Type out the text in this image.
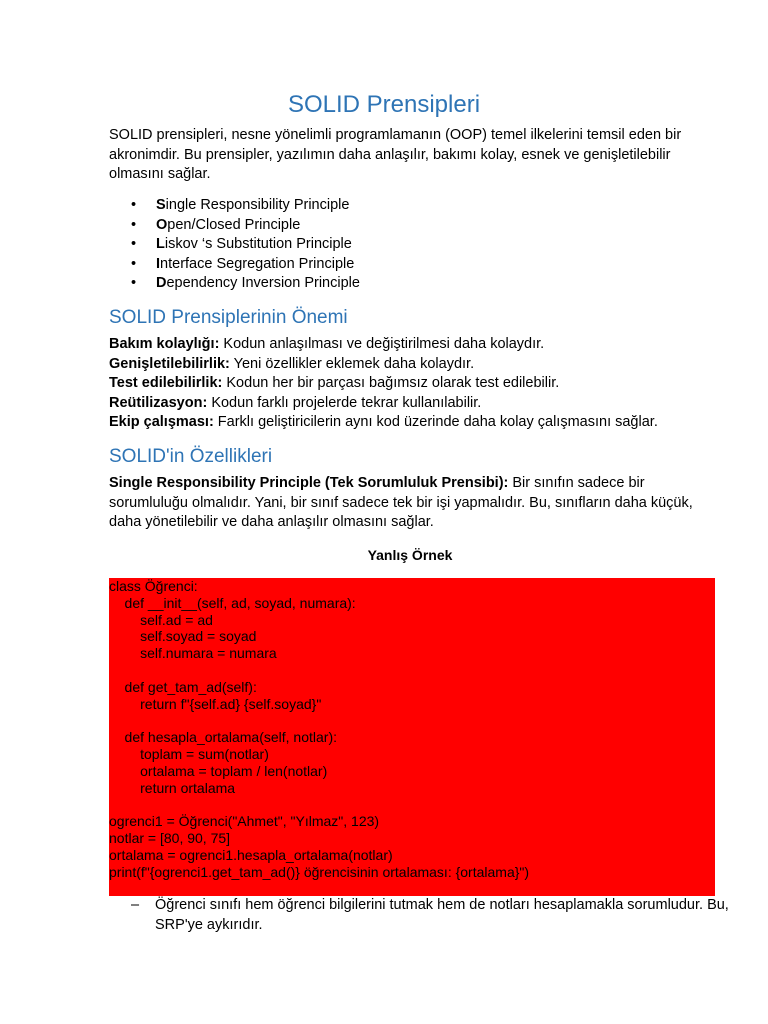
SOLID Prensipleri

SOLID prensipleri, nesne yönelimli programlamanın (OOP) temel ilkelerini temsil eden bir akronimdir. Bu prensipler, yazılımın daha anlaşılır, bakımı kolay, esnek ve genişletilebilir olmasını sağlar.

• Single Responsibility Principle
• Open/Closed Principle
• Liskov ‘s Substitution Principle
• Interface Segregation Principle
• Dependency Inversion Principle
SOLID Prensiplerinin Önemi

Bakım kolaylığı: Kodun anlaşılması ve değiştirilmesi daha kolaydır.

Genişletilebilirlik: Yeni özellikler eklemek daha kolaydır.

Test edilebilirlik: Kodun her bir parçası bağımsız olarak test edilebilir.

Reütilizasyon: Kodun farklı projelerde tekrar kullanılabilir.

Ekip çalışması: Farklı geliştiricilerin aynı kod üzerinde daha kolay çalışmasını sağlar.

SOLID'in Özellikleri

Single Responsibility Principle (Tek Sorumluluk Prensibi): Bir sınıfın sadece bir sorumluluğu olmalıdır. Yani, bir sınıf sadece tek bir işi yapmalıdır. Bu, sınıfların daha küçük, daha yönetilebilir ve daha anlaşılır olmasını sağlar.

Yanlış Örnek

class Öğrenci:
def __init__(self, ad, soyad, numara):
self.ad = ad
self.soyad = soyad
self.numara = numara

def get_tam_ad(self):
return f"{self.ad} {self.soyad}"

def hesapla_ortalama(self, notlar):
toplam = sum(notlar)
ortalama = toplam / len(notlar)
return ortalama

ogrenci1 = Öğrenci("Ahmet", "Yılmaz", 123)
notlar = [80, 90, 75]
ortalama = ogrenci1.hesapla_ortalama(notlar)
print(f"{ogrenci1.get_tam_ad()} öğrencisinin ortalaması: {ortalama}")
– Öğrenci sınıfı hem öğrenci bilgilerini tutmak hem de notları hesaplamakla sorumludur. Bu, SRP'ye aykırıdır.
